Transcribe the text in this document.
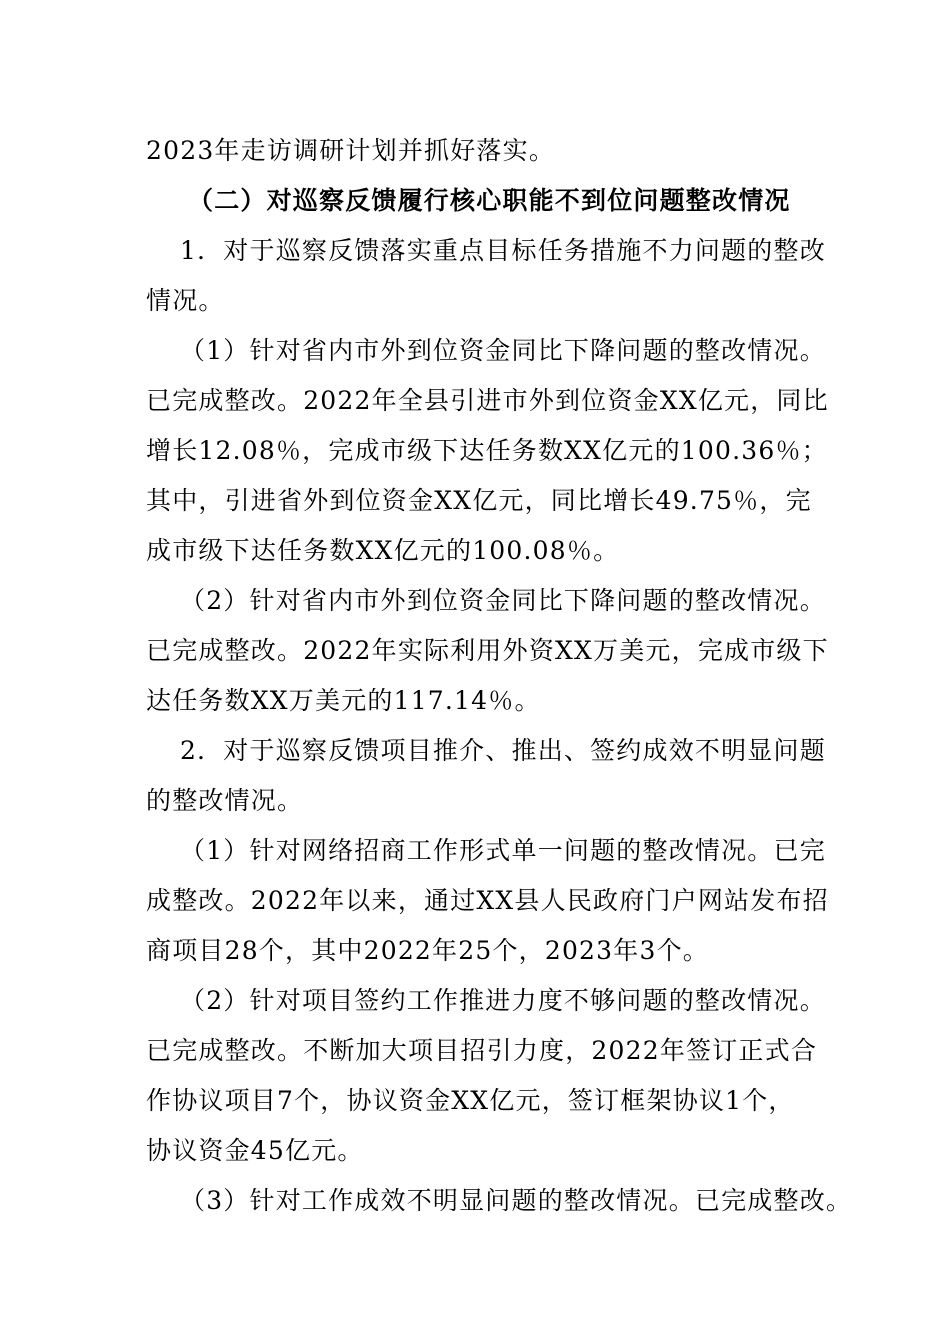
2023年走访调研计划并抓好落实。
（二）对巡察反馈履行核心职能不到位问题整改情况
1．对于巡察反馈落实重点目标任务措施不力问题的整改
情况。
（1）针对省内市外到位资金同比下降问题的整改情况。
已完成整改。2022年全县引进市外到位资金XX亿元，同比
增长12.08％，完成市级下达任务数XX亿元的100.36％；
其中，引进省外到位资金XX亿元，同比增长49.75％，完
成市级下达任务数XX亿元的100.08％。
（2）针对省内市外到位资金同比下降问题的整改情况。
已完成整改。2022年实际利用外资XX万美元，完成市级下
达任务数XX万美元的117.14％。
2．对于巡察反馈项目推介、推出、签约成效不明显问题
的整改情况。
（1）针对网络招商工作形式单一问题的整改情况。已完
成整改。2022年以来，通过XX县人民政府门户网站发布招
商项目28个，其中2022年25个，2023年3个。
（2）针对项目签约工作推进力度不够问题的整改情况。
已完成整改。不断加大项目招引力度，2022年签订正式合
作协议项目7个，协议资金XX亿元，签订框架协议1个，
协议资金45亿元。
（3）针对工作成效不明显问题的整改情况。已完成整改。
